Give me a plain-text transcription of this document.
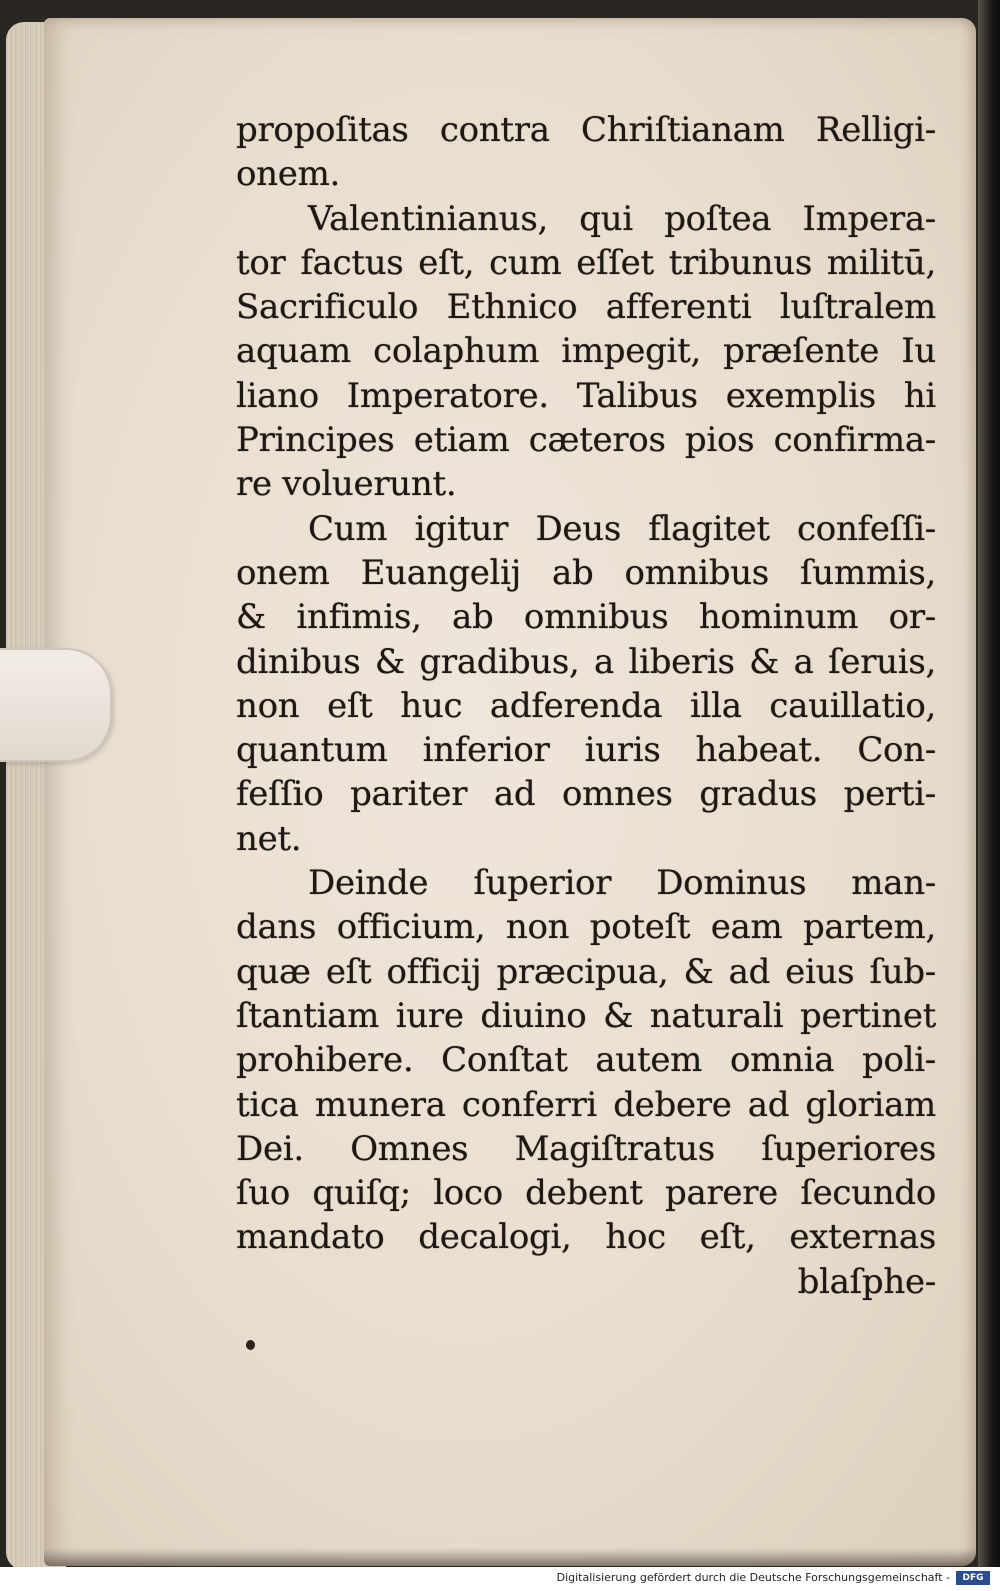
propoſitas contra Chriſtianam Relligi-
onem.
Valentinianus, qui poſtea Impera-
tor factus eſt, cum eſſet tribunus militū,
Sacrificulo Ethnico afferenti luſtralem
aquam colaphum impegit, præſente Iu
liano Imperatore. Talibus exemplis hi
Principes etiam cæteros pios confirma-
re voluerunt.
Cum igitur Deus flagitet confeſſi-
onem Euangelij ab omnibus ſummis,
& infimis, ab omnibus hominum or-
dinibus & gradibus, a liberis & a ſeruis,
non eſt huc adferenda illa cauillatio,
quantum inferior iuris habeat. Con-
feſſio pariter ad omnes gradus perti-
net.
Deinde ſuperior Dominus man-
dans officium, non poteſt eam partem,
quæ eſt officij præcipua, & ad eius ſub-
ſtantiam iure diuino & naturali pertinet
prohibere. Conſtat autem omnia poli-
tica munera conferri debere ad gloriam
Dei. Omnes Magiſtratus ſuperiores
ſuo quiſq; loco debent parere ſecundo
mandato decalogi, hoc eſt, externas
blaſphe-
Digitalisierung gefördert durch die Deutsche Forschungsgemeinschaft -	DFG
